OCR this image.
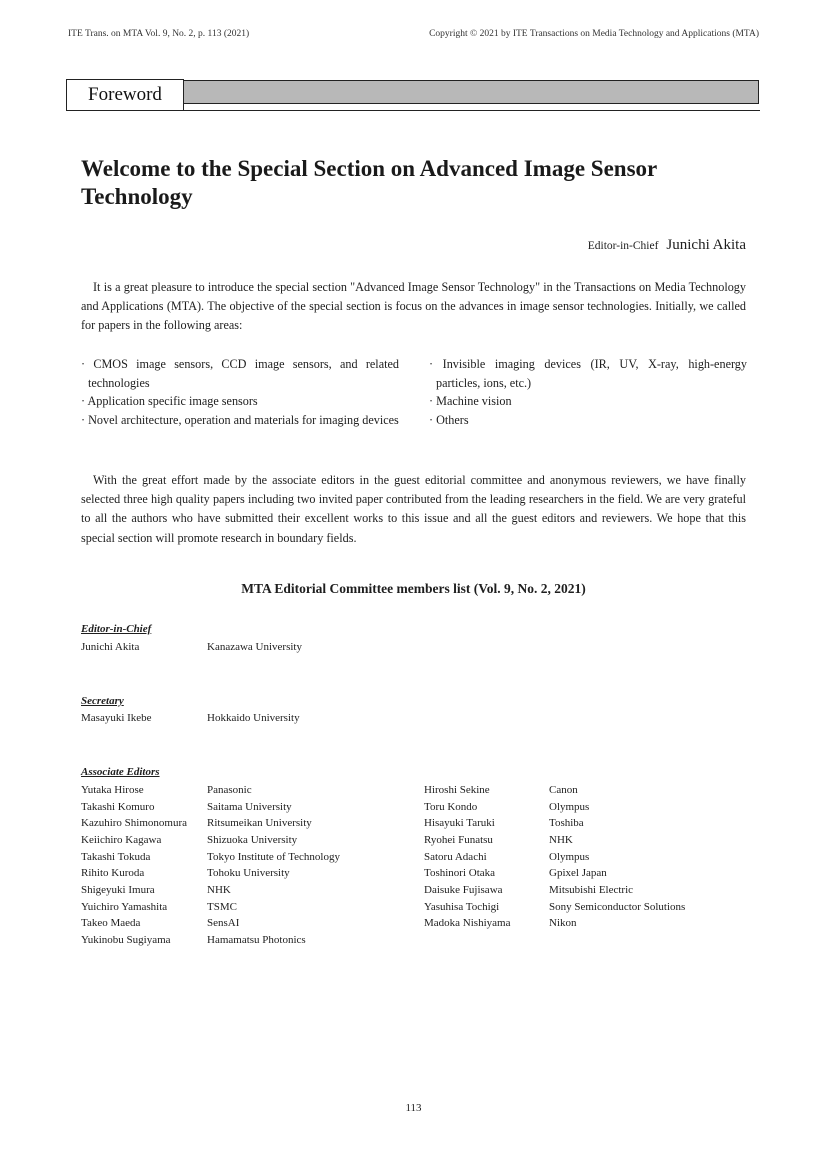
ITE Trans. on MTA Vol. 9, No. 2, p. 113 (2021)	Copyright © 2021 by ITE Transactions on Media Technology and Applications (MTA)
Foreword
Welcome to the Special Section on Advanced Image Sensor Technology
Editor-in-Chief Junichi Akita

It is a great pleasure to introduce the special section "Advanced Image Sensor Technology" in the Transactions on Media Technology and Applications (MTA). The objective of the special section is focus on the advances in image sensor technologies. Initially, we called for papers in the following areas:

· CMOS image sensors, CCD image sensors, and related technologies
· Application specific image sensors
· Novel architecture, operation and materials for imaging devices
· Invisible imaging devices (IR, UV, X-ray, high-energy particles, ions, etc.)
· Machine vision
· Others

With the great effort made by the associate editors in the guest editorial committee and anonymous reviewers, we have finally selected three high quality papers including two invited paper contributed from the leading researchers in the field. We are very grateful to all the authors who have submitted their excellent works to this issue and all the guest editors and reviewers. We hope that this special section will promote research in boundary fields.

MTA Editorial Committee members list (Vol. 9, No. 2, 2021)
Editor-in-Chief
Junichi Akita	Kanazawa University
Secretary
Masayuki Ikebe	Hokkaido University
Associate Editors
Yutaka Hirose	Panasonic
Takashi Komuro	Saitama University
Kazuhiro Shimonomura Ritsumeikan University
Keiichiro Kagawa	Shizuoka University
Takashi Tokuda	Tokyo Institute of Technology
Rihito Kuroda	Tohoku University
Shigeyuki Imura	NHK
Yuichiro Yamashita	TSMC
Takeo Maeda	SensAI
Yukinobu Sugiyama	Hamamatsu Photonics
Hiroshi Sekine	Canon
Toru Kondo	Olympus
Hisayuki Taruki	Toshiba
Ryohei Funatsu	NHK
Satoru Adachi	Olympus
Toshinori Otaka	Gpixel Japan
Daisuke Fujisawa	Mitsubishi Electric
Yasuhisa Tochigi	Sony Semiconductor Solutions
Madoka Nishiyama	Nikon
113
